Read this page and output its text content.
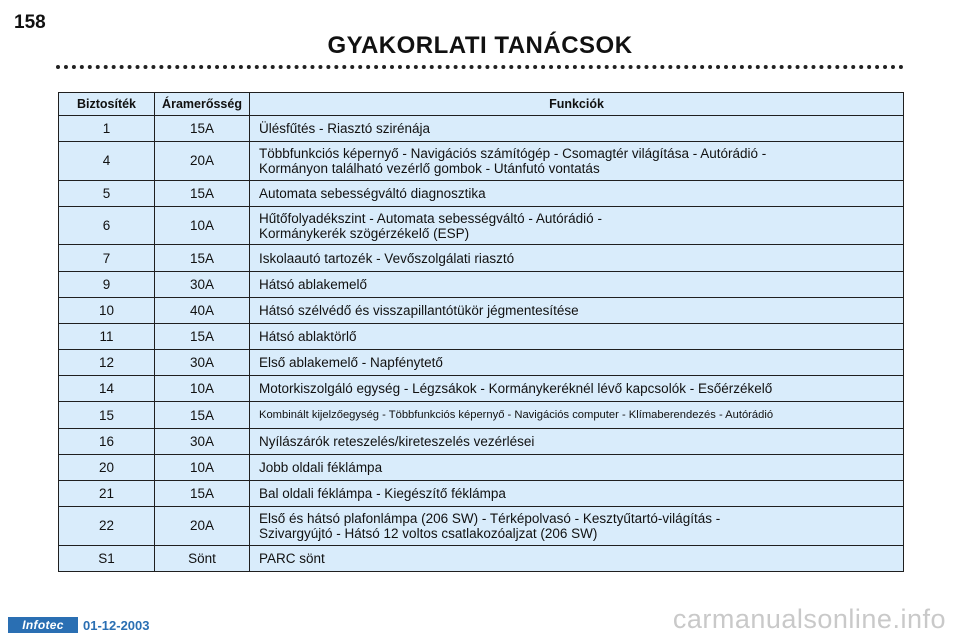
158
GYAKORLATI TANÁCSOK
Biztosíték	Áramerősség	Funkciók
1	15A	Ülésfűtés - Riasztó szirénája

4	20A	Többfunkciós képernyő - Navigációs számítógép - Csomagtér világítása - Autórádió -
Kormányon található vezérlő gombok - Utánfutó vontatás

5	15A	Automata sebességváltó diagnosztika

6	10A	Hűtőfolyadékszint - Automata sebességváltó - Autórádió -
Kormánykerék szögérzékelő (ESP)

7	15A	Iskolaautó tartozék - Vevőszolgálati riasztó

9	30A	Hátsó ablakemelő

10	40A	Hátsó szélvédő és visszapillantótükör jégmentesítése

11	15A	Hátsó ablaktörlő

12	30A	Első ablakemelő - Napfénytető

14	10A	Motorkiszolgáló egység - Légzsákok - Kormánykeréknél lévő kapcsolók - Esőérzékelő

15	15A	Kombinált kijelzőegység - Többfunkciós képernyő - Navigációs computer - Klímaberendezés - Autórádió

16	30A	Nyílászárók reteszelés/kireteszelés vezérlései

20	10A	Jobb oldali féklámpa

21	15A	Bal oldali féklámpa - Kiegészítő féklámpa

22	20A	Első és hátsó plafonlámpa (206 SW) - Térképolvasó - Kesztyűtartó-világítás -
Szivargyújtó - Hátsó 12 voltos csatlakozóaljzat (206 SW)

S1	Sönt	PARC sönt
Infotec	01-12-2003	carmanualsonline.info
